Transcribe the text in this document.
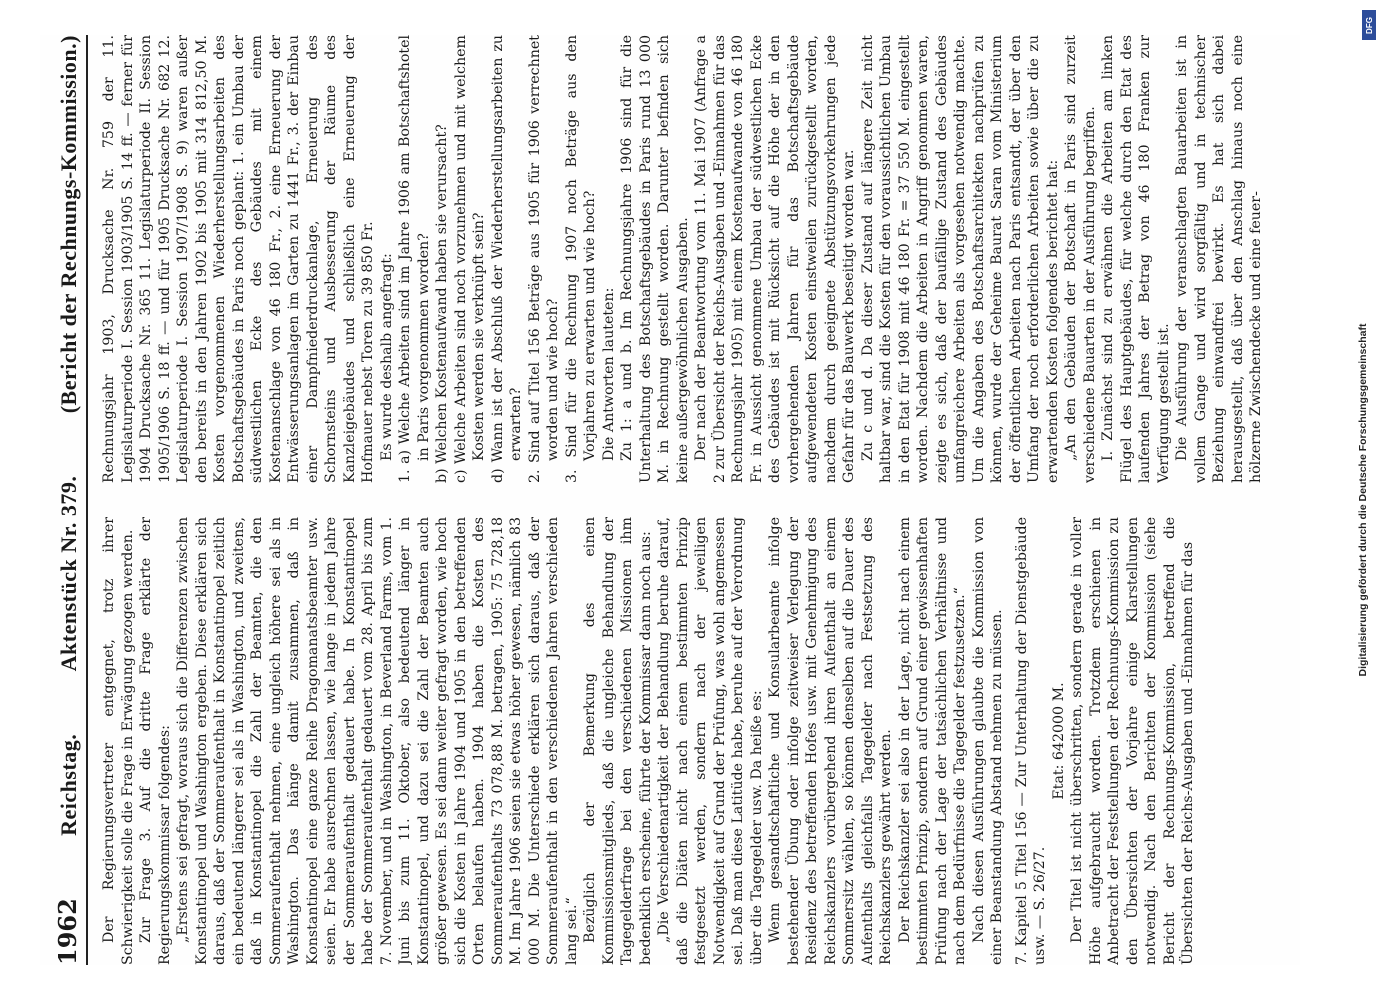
Digitalisierung gefördert durch die Deutsche Forschungsgemeinschaft
DFG
1962
Reichstag.
Aktenstück Nr. 379.
(Bericht der Rechnungs-Kommission.)

Der Regierungsvertreter entgegnet, trotz ihrer Schwierigkeit solle die Frage in Erwägung gezogen werden. Zur Frage 3. Auf die dritte Frage erklärte der Regierungskommissar folgendes: „Erstens sei gefragt, woraus sich die Differenzen zwischen Konstantinopel und Washington ergeben. Diese erklären sich daraus, daß der Sommeraufenthalt in Konstantinopel zeitlich ein bedeutend längerer sei als in Washington, und zweitens, daß in Konstantinopel die Zahl der Beamten, die den Sommeraufenthalt nehmen, eine ungleich höhere sei als in Washington. Das hänge damit zusammen, daß in Konstantinopel eine ganze Reihe Dragomanatsbeamter usw. seien. Er habe ausrechnen lassen, wie lange in jedem Jahre der Sommeraufenthalt gedauert habe. In Konstantinopel habe der Sommeraufenthalt gedauert vom 28. April bis zum 7. November, und in Washington, in Beverland Farms, vom 1. Juni bis zum 11. Oktober, also bedeutend länger in Konstantinopel, und dazu sei die Zahl der Beamten auch größer gewesen. Es sei dann weiter gefragt worden, wie hoch sich die Kosten in Jahre 1904 und 1905 in den betreffenden Orten belaufen haben. 1904 haben die Kosten des Sommeraufenthalts 73 078,88 M. betragen, 1905: 75 728,18 M. Im Jahre 1906 seien sie etwas höher gewesen, nämlich 83 000 M. Die Unterschiede erklären sich daraus, daß der Sommeraufenthalt in den verschiedenen Jahren verschieden lang sei.“ Bezüglich der Bemerkung des einen Kommissionsmitglieds, daß die ungleiche Behandlung der Tagegelderfrage bei den verschiedenen Missionen ihm bedenklich erscheine, führte der Kommissar dann noch aus: „Die Verschiedenartigkeit der Behandlung beruhe darauf, daß die Diäten nicht nach einem bestimmten Prinzip festgesetzt werden, sondern nach der jeweiligen Notwendigkeit auf Grund der Prüfung, was wohl angemessen sei. Daß man diese Latitüde habe, beruhe auf der Verordnung über die Tagegelder usw. Da heiße es: Wenn gesandtschaftliche und Konsularbeamte infolge bestehender Übung oder infolge zeitweiser Verlegung der Residenz des betreffenden Hofes usw. mit Genehmigung des Reichskanzlers vorübergehend ihren Aufenthalt an einem Sommersitz wählen, so können denselben auf die Dauer des Aufenthalts gleichfalls Tagegelder nach Festsetzung des Reichskanzlers gewährt werden. Der Reichskanzler sei also in der Lage, nicht nach einem bestimmten Prinzip, sondern auf Grund einer gewissenhaften Prüfung nach der Lage der tatsächlichen Verhältnisse und nach dem Bedürfnisse die Tagegelder festzusetzen.“ Nach diesen Ausführungen glaubte die Kommission von einer Beanstandung Abstand nehmen zu müssen. 7. Kapitel 5 Titel 156 — Zur Unterhaltung der Dienstgebäude usw. — S. 26/27.

Etat: 642000 M. Der Titel ist nicht überschritten, sondern gerade in voller Höhe aufgebraucht worden. Trotzdem erschienen in Anbetracht der Feststellungen der Rechnungs-Kommission zu den Übersichten der Vorjahre einige Klarstellungen notwendig. Nach den Berichten der Kommission (siehe Bericht der Rechnungs-Kommission, betreffend die Übersichten der Reichs-Ausgaben und -Einnahmen für das

Rechnungsjahr 1903, Drucksache Nr. 759 der 11. Legislaturperiode I. Session 1903/1905 S. 14 ff. — ferner für 1904 Drucksache Nr. 365 11. Legislaturperiode II. Session 1905/1906 S. 18 ff. — und für 1905 Drucksache Nr. 682 12. Legislaturperiode I. Session 1907/1908 S. 9) waren außer den bereits in den Jahren 1902 bis 1905 mit 314 812,50 M. Kosten vorgenommenen Wiederherstellungsarbeiten des Botschaftsgebäudes in Paris noch geplant: 1. ein Umbau der südwestlichen Ecke des Gebäudes mit einem Kostenanschlage von 46 180 Fr., 2. eine Erneuerung der Entwässerungsanlagen im Garten zu 1441 Fr., 3. der Einbau einer Dampfniederdruckanlage, Erneuerung des Schornsteins und Ausbesserung der Räume des Kanzleigebäudes und schließlich eine Erneuerung der Hofmauer nebst Toren zu 39 850 Fr. Es wurde deshalb angefragt: 1. a) Welche Arbeiten sind im Jahre 1906 am Botschaftshotel in Paris vorgenommen worden? b) Welchen Kostenaufwand haben sie verursacht? c) Welche Arbeiten sind noch vorzunehmen und mit welchem Kosten werden sie verknüpft sein? d) Wann ist der Abschluß der Wiederherstellungsarbeiten zu erwarten? 2. Sind auf Titel 156 Beträge aus 1905 für 1906 verrechnet worden und wie hoch? 3. Sind für die Rechnung 1907 noch Beträge aus den Vorjahren zu erwarten und wie hoch? Die Antworten lauteten: Zu 1: a und b. Im Rechnungsjahre 1906 sind für die Unterhaltung des Botschaftsgebäudes in Paris rund 13 000 M. in Rechnung gestellt worden. Darunter befinden sich keine außergewöhnlichen Ausgaben. Der nach der Beantwortung vom 11. Mai 1907 (Anfrage a 2 zur Übersicht der Reichs-Ausgaben und -Einnahmen für das Rechnungsjahr 1905) mit einem Kostenaufwande von 46 180 Fr. in Aussicht genommene Umbau der südwestlichen Ecke des Gebäudes ist mit Rücksicht auf die Höhe der in den vorhergehenden Jahren für das Botschaftsgebäude aufgewendeten Kosten einstweilen zurückgestellt worden, nachdem durch geeignete Abstützungsvorkehrungen jede Gefahr für das Bauwerk beseitigt worden war. Zu c und d. Da dieser Zustand auf längere Zeit nicht haltbar war, sind die Kosten für den voraussichtlichen Umbau in den Etat für 1908 mit 46 180 Fr. = 37 550 M. eingestellt worden. Nachdem die Arbeiten in Angriff genommen waren, zeigte es sich, daß der baufällige Zustand des Gebäudes umfangreichere Arbeiten als vorgesehen notwendig machte. Um die Angaben des Botschaftsarchitekten nachprüfen zu können, wurde der Geheime Baurat Saran vom Ministerium der öffentlichen Arbeiten nach Paris entsandt, der über den Umfang der noch erforderlichen Arbeiten sowie über die zu erwartenden Kosten folgendes berichtet hat: „An den Gebäuden der Botschaft in Paris sind zurzeit verschiedene Bauarten in der Ausführung begriffen. I. Zunächst sind zu erwähnen die Arbeiten am linken Flügel des Hauptgebäudes, für welche durch den Etat des laufenden Jahres der Betrag von 46 180 Franken zur Verfügung gestellt ist. Die Ausführung der veranschlagten Bauarbeiten ist in vollem Gange und wird sorgfältig und in technischer Beziehung einwandfrei bewirkt. Es hat sich dabei herausgestellt, daß über den Anschlag hinaus noch eine hölzerne Zwischendecke und eine feuer-
